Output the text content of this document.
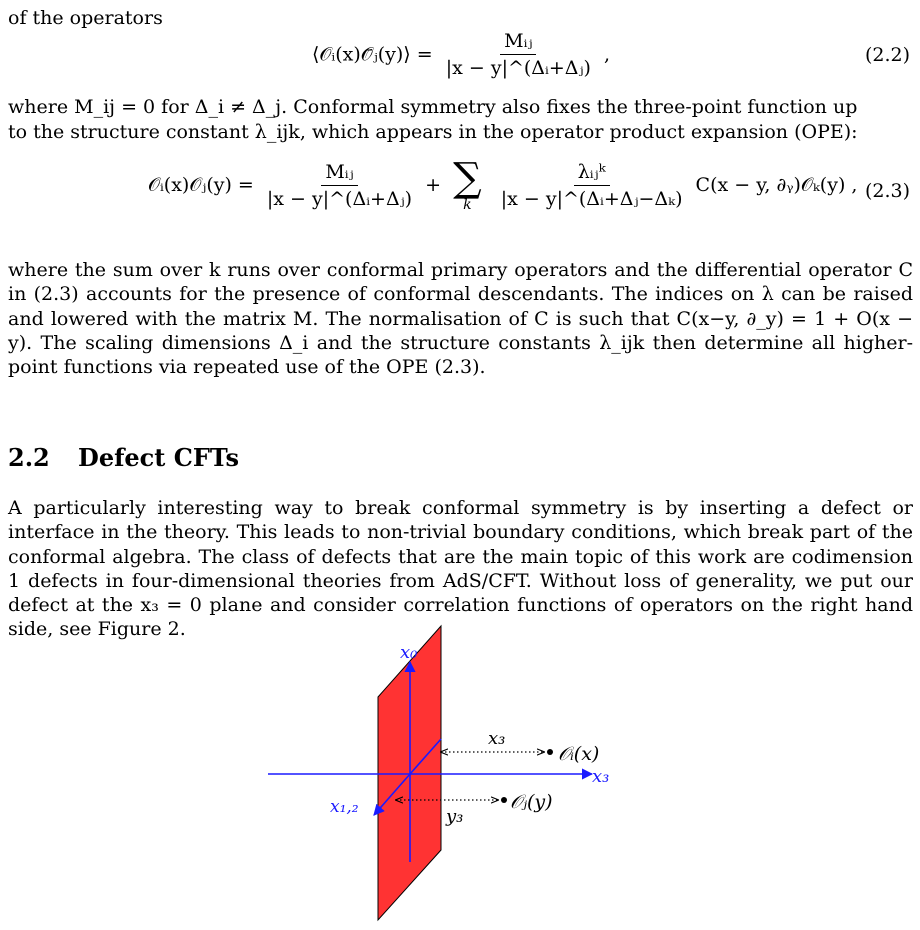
of the operators
⟨𝒪ᵢ(x)𝒪̄ⱼ(y)⟩ = $\frac{\text{Mᵢⱼ}}{\text{|x − y|\textasciicircum{}(Δᵢ+Δⱼ)}}$ ,	(2.2)
where M_ij = 0 for Δ_i ≠ Δ_j. Conformal symmetry also fixes the three-point function up
to the structure constant λ_ijk, which appears in the operator product expansion (OPE):
𝒪ᵢ(x)𝒪ⱼ(y) = $\frac{\text{Mᵢⱼ}}{\text{|x − y|\textasciicircum{}(Δᵢ+Δⱼ)}}$ + ∑
k
$\frac{\text{λᵢⱼᵏ}}{\text{|x − y|\textasciicircum{}(Δᵢ+Δⱼ−Δₖ)}} C(x - y$, ∂ᵧ)𝒪ₖ(y) , (2.3)
where the sum over k runs over conformal primary operators and the differential operator C in (2.3) accounts for the presence of conformal descendants. The indices on λ can be raised and lowered with the matrix M. The normalisation of C is such that C(x−y, ∂_y) = 1 + O(x − y). The scaling dimensions Δ_i and the structure constants λ_ijk then determine all higher-point functions via repeated use of the OPE (2.3).
2.2 Defect CFTs
A particularly interesting way to break conformal symmetry is by inserting a defect or interface in the theory. This leads to non-trivial boundary conditions, which break part of the conformal algebra. The class of defects that are the main topic of this work are codimension 1 defects in four-dimensional theories from AdS/CFT. Without loss of generality, we put our defect at the x₃ = 0 plane and consider correlation functions of operators on the right hand side, see Figure 2.
x₀
x₃
x₁,₂
x₃
y₃
𝒪ᵢ(x)
𝒪ⱼ(y)
